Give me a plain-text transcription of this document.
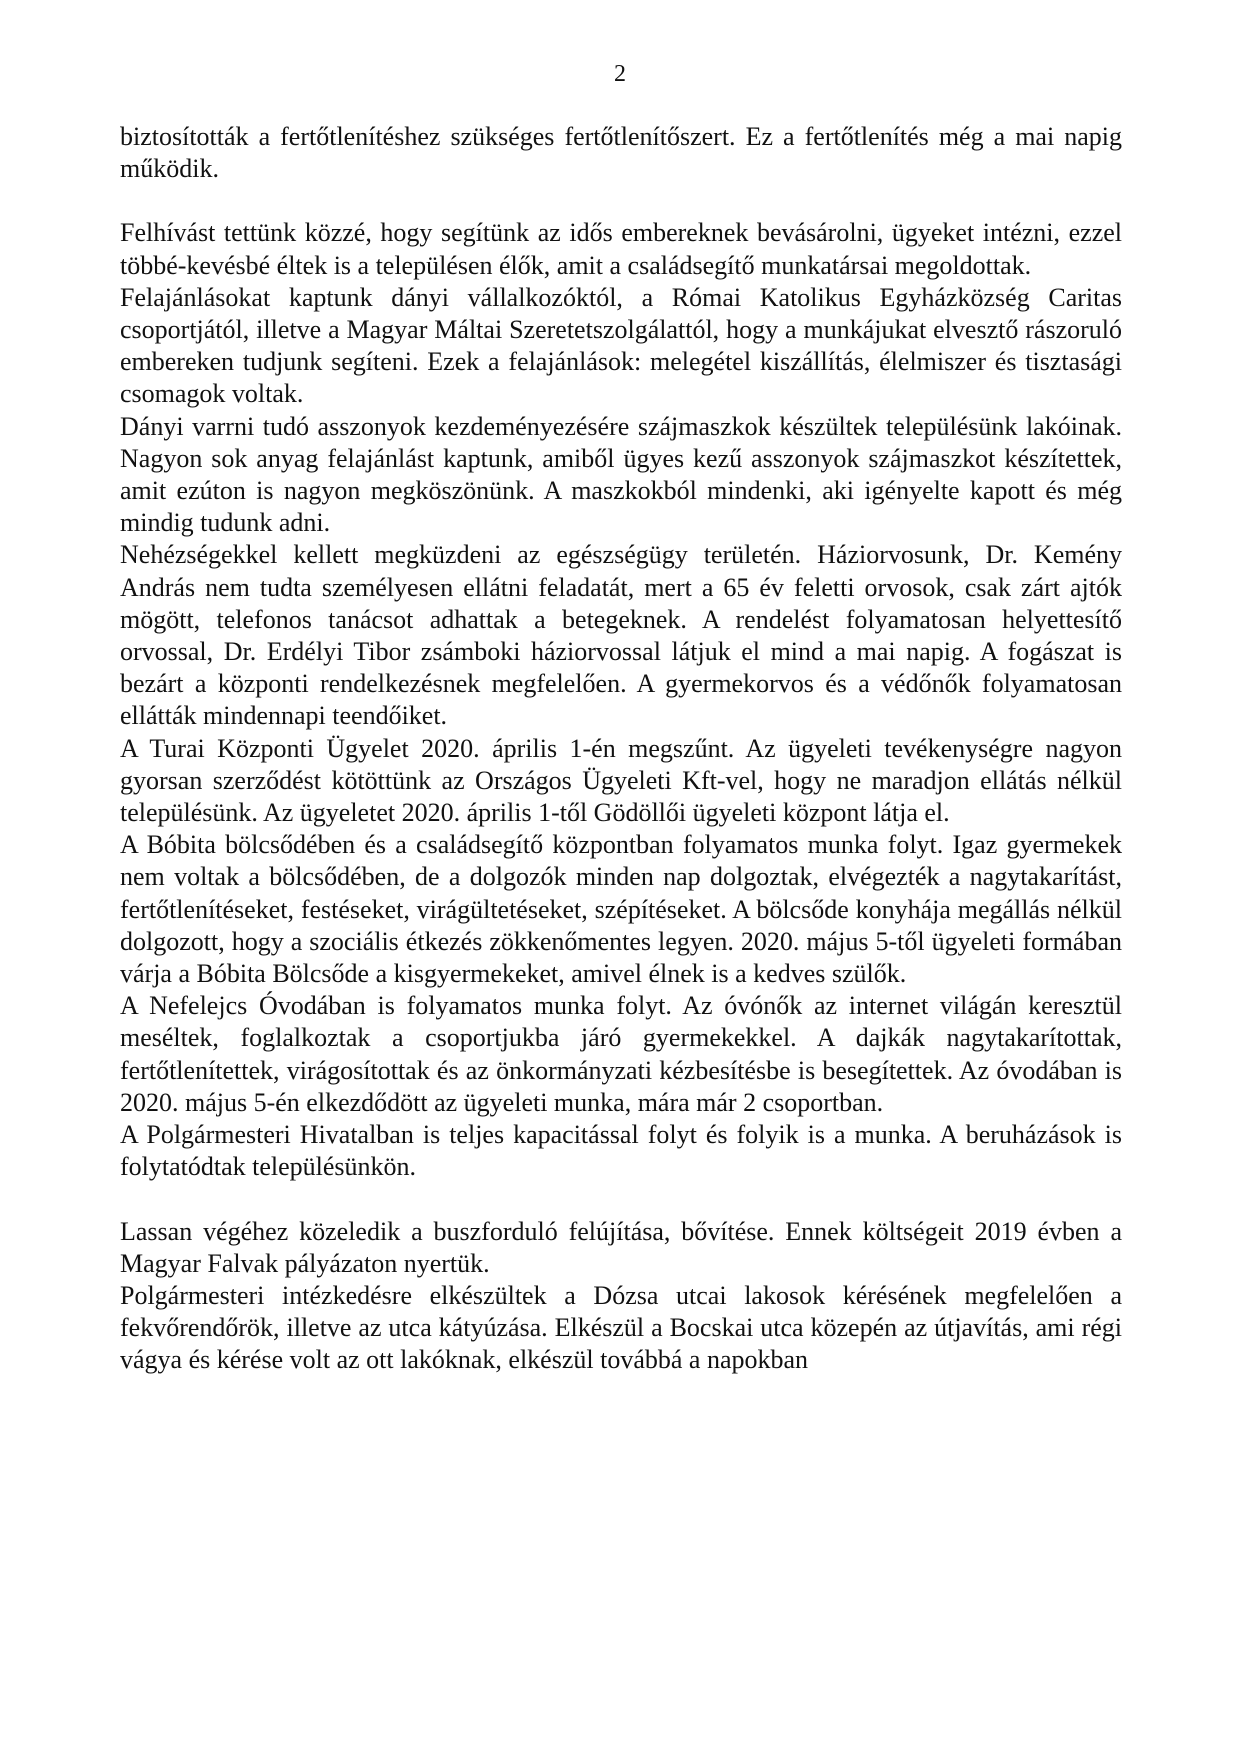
2

biztosították a fertőtlenítéshez szükséges fertőtlenítőszert. Ez a fertőtlenítés még a mai napig működik.

Felhívást tettünk közzé, hogy segítünk az idős embereknek bevásárolni, ügyeket intézni, ezzel többé-kevésbé éltek is a településen élők, amit a családsegítő munkatársai megoldottak.

Felajánlásokat kaptunk dányi vállalkozóktól, a Római Katolikus Egyházközség Caritas csoportjától, illetve a Magyar Máltai Szeretetszolgálattól, hogy a munkájukat elvesztő rászoruló embereken tudjunk segíteni. Ezek a felajánlások: melegétel kiszállítás, élelmiszer és tisztasági csomagok voltak.

Dányi varrni tudó asszonyok kezdeményezésére szájmaszkok készültek településünk lakóinak. Nagyon sok anyag felajánlást kaptunk, amiből ügyes kezű asszonyok szájmaszkot készítettek, amit ezúton is nagyon megköszönünk. A maszkokból mindenki, aki igényelte kapott és még mindig tudunk adni.

Nehézségekkel kellett megküzdeni az egészségügy területén. Háziorvosunk, Dr. Kemény András nem tudta személyesen ellátni feladatát, mert a 65 év feletti orvosok, csak zárt ajtók mögött, telefonos tanácsot adhattak a betegeknek. A rendelést folyamatosan helyettesítő orvossal, Dr. Erdélyi Tibor zsámboki háziorvossal látjuk el mind a mai napig. A fogászat is bezárt a központi rendelkezésnek megfelelően. A gyermekorvos és a védőnők folyamatosan ellátták mindennapi teendőiket.

A Turai Központi Ügyelet 2020. április 1-én megszűnt. Az ügyeleti tevékenységre nagyon gyorsan szerződést kötöttünk az Országos Ügyeleti Kft-vel, hogy ne maradjon ellátás nélkül településünk. Az ügyeletet 2020. április 1-től Gödöllői ügyeleti központ látja el.

A Bóbita bölcsődében és a családsegítő központban folyamatos munka folyt. Igaz gyermekek nem voltak a bölcsődében, de a dolgozók minden nap dolgoztak, elvégezték a nagytakarítást, fertőtlenítéseket, festéseket, virágültetéseket, szépítéseket. A bölcsőde konyhája megállás nélkül dolgozott, hogy a szociális étkezés zökkenőmentes legyen. 2020. május 5-től ügyeleti formában várja a Bóbita Bölcsőde a kisgyermekeket, amivel élnek is a kedves szülők.

A Nefelejcs Óvodában is folyamatos munka folyt. Az óvónők az internet világán keresztül meséltek, foglalkoztak a csoportjukba járó gyermekekkel. A dajkák nagytakarítottak, fertőtlenítettek, virágosítottak és az önkormányzati kézbesítésbe is besegítettek. Az óvodában is 2020. május 5-én elkezdődött az ügyeleti munka, mára már 2 csoportban.

A Polgármesteri Hivatalban is teljes kapacitással folyt és folyik is a munka. A beruházások is folytatódtak településünkön.

Lassan végéhez közeledik a buszforduló felújítása, bővítése. Ennek költségeit 2019 évben a Magyar Falvak pályázaton nyertük.

Polgármesteri intézkedésre elkészültek a Dózsa utcai lakosok kérésének megfelelően a fekvőrendőrök, illetve az utca kátyúzása. Elkészül a Bocskai utca közepén az útjavítás, ami régi vágya és kérése volt az ott lakóknak, elkészül továbbá a napokban
